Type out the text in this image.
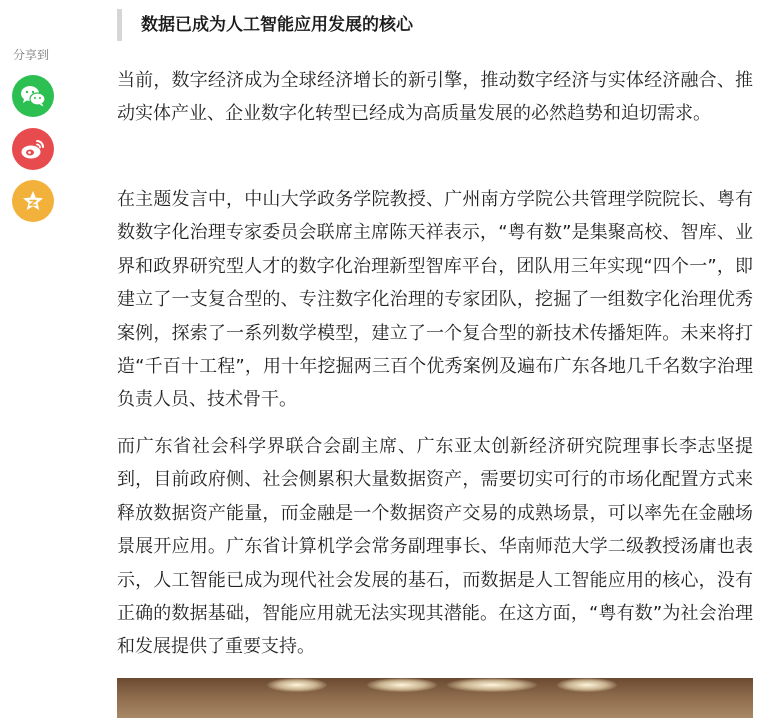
分享到
数据已成为人工智能应用发展的核心

当前，数字经济成为全球经济增长的新引擎，推动数字经济与实体经济融合、推动实体产业、企业数字化转型已经成为高质量发展的必然趋势和迫切需求。

在主题发言中，中山大学政务学院教授、广州南方学院公共管理学院院长、粤有数数字化治理专家委员会联席主席陈天祥表示，“粤有数”是集聚高校、智库、业界和政界研究型人才的数字化治理新型智库平台，团队用三年实现“四个一”，即建立了一支复合型的、专注数字化治理的专家团队，挖掘了一组数字化治理优秀案例，探索了一系列数学模型，建立了一个复合型的新技术传播矩阵。未来将打造“千百十工程”，用十年挖掘两三百个优秀案例及遍布广东各地几千名数字治理负责人员、技术骨干。

而广东省社会科学界联合会副主席、广东亚太创新经济研究院理事长李志坚提到，目前政府侧、社会侧累积大量数据资产，需要切实可行的市场化配置方式来释放数据资产能量，而金融是一个数据资产交易的成熟场景，可以率先在金融场景展开应用。广东省计算机学会常务副理事长、华南师范大学二级教授汤庸也表示，人工智能已成为现代社会发展的基石，而数据是人工智能应用的核心，没有正确的数据基础，智能应用就无法实现其潜能。在这方面，“粤有数”为社会治理和发展提供了重要支持。
